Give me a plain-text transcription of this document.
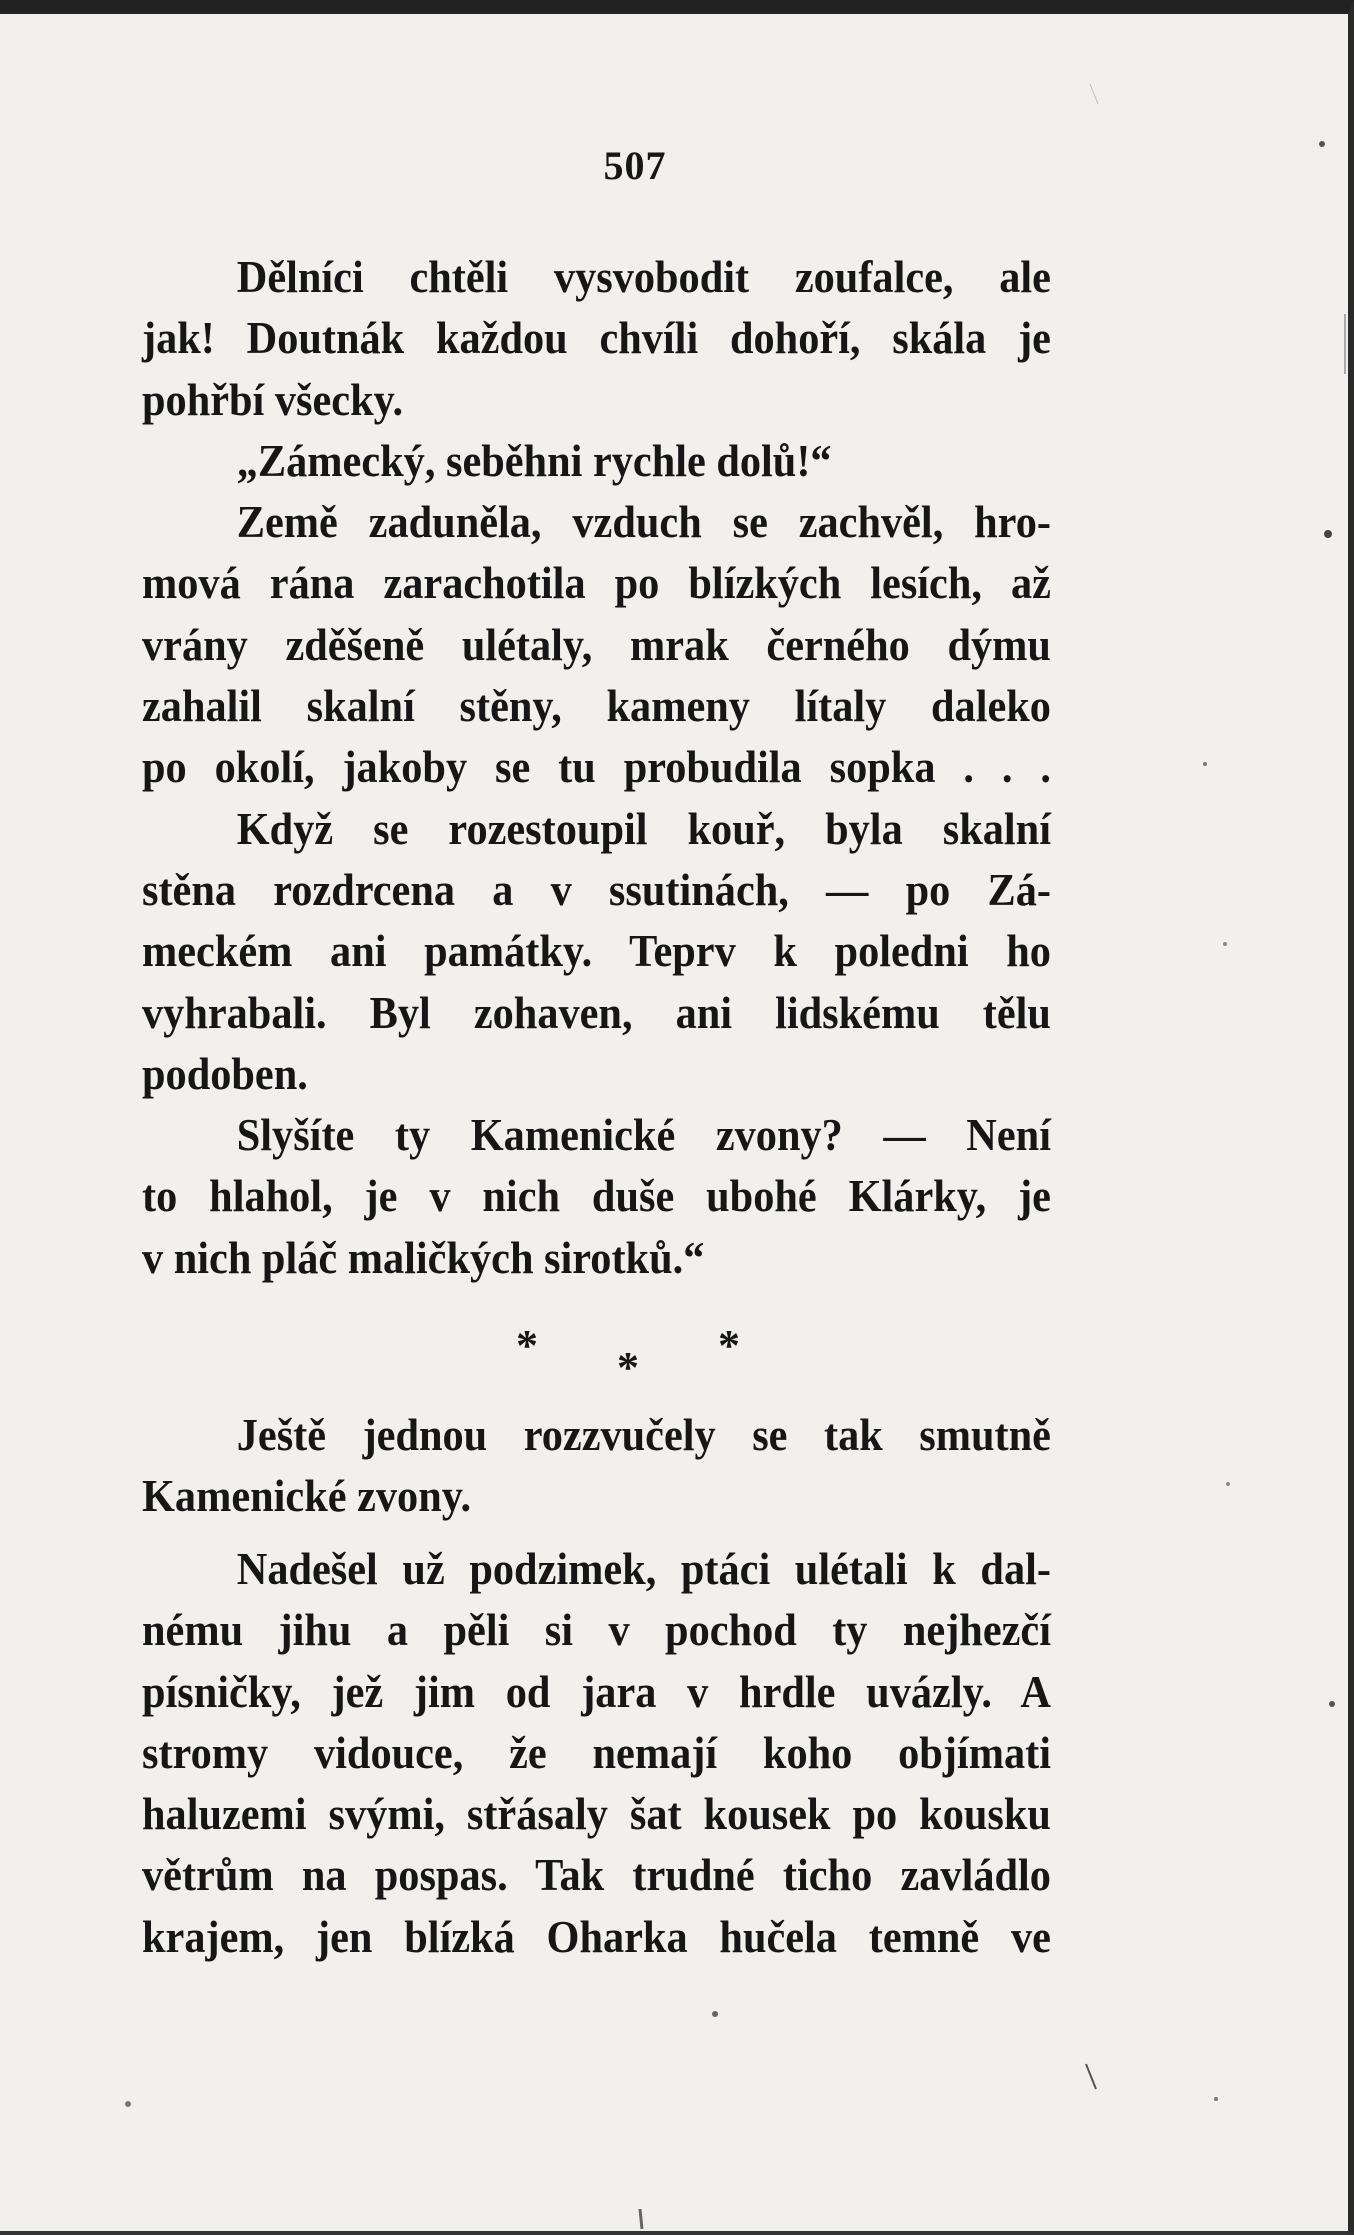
507
Dělníci chtěli vysvobodit zoufalce, ale
jak! Doutnák každou chvíli dohoří, skála je
pohřbí všecky.
„Zámecký, seběhni rychle dolů!“
Země zaduněla, vzduch se zachvěl, hro-
mová rána zarachotila po blízkých lesích, až
vrány zděšeně ulétaly, mrak černého dýmu
zahalil skalní stěny, kameny lítaly daleko
po okolí, jakoby se tu probudila sopka . . .
Když se rozestoupil kouř, byla skalní
stěna rozdrcena a v ssutinách, — po Zá-
meckém ani památky. Teprv k poledni ho
vyhrabali. Byl zohaven, ani lidskému tělu
podoben.
Slyšíte ty Kamenické zvony? — Není
to hlahol, je v nich duše ubohé Klárky, je
v nich pláč maličkých sirotků.“
* * *
Ještě jednou rozzvučely se tak smutně
Kamenické zvony.
Nadešel už podzimek, ptáci ulétali k dal-
nému jihu a pěli si v pochod ty nejhezčí
písničky, jež jim od jara v hrdle uvázly. A
stromy vidouce, že nemají koho objímati
haluzemi svými, střásaly šat kousek po kousku
větrům na pospas. Tak trudné ticho zavládlo
krajem, jen blízká Oharka hučela temně ve
